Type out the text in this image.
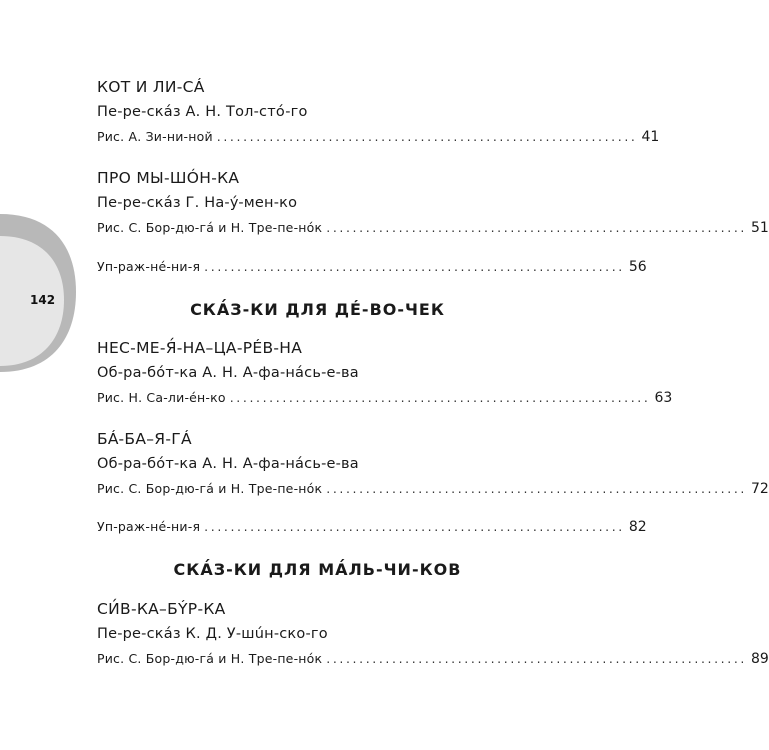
142
КОТ И ЛИ-СÁ
Пе-ре-скáз А. Н. Тол-стó-го
Рис. А. Зи-ни-ной ................................................................ 41
ПРО МЫ-ШÓН-КА
Пе-ре-скáз Г. На-ý-мен-ко
Рис. С. Бор-дю-гá и Н. Тре-пе-нóк ................................................................ 51
Уп-раж-нé-ни-я ................................................................ 56
СКА́З-КИ ДЛЯ ДÉ-ВО-ЧЕК
НЕС-МЕ-Я́-НА–ЦА-РÉВ-НА
Об-ра-бóт-ка А. Н. А-фа-нáсь-е-ва
Рис. Н. Са-ли-éн-ко ................................................................ 63
БÁ-БА–Я-ГÁ
Об-ра-бóт-ка А. Н. А-фа-нáсь-е-ва
Рис. С. Бор-дю-гá и Н. Тре-пе-нóк ................................................................ 72
Уп-раж-нé-ни-я ................................................................ 82
СКА́З-КИ ДЛЯ МА́ЛЬ-ЧИ-КОВ
СИ́В-КА–БÝР-КА
Пе-ре-скáз К. Д. У-шúн-ско-го
Рис. С. Бор-дю-гá и Н. Тре-пе-нóк ................................................................ 89
